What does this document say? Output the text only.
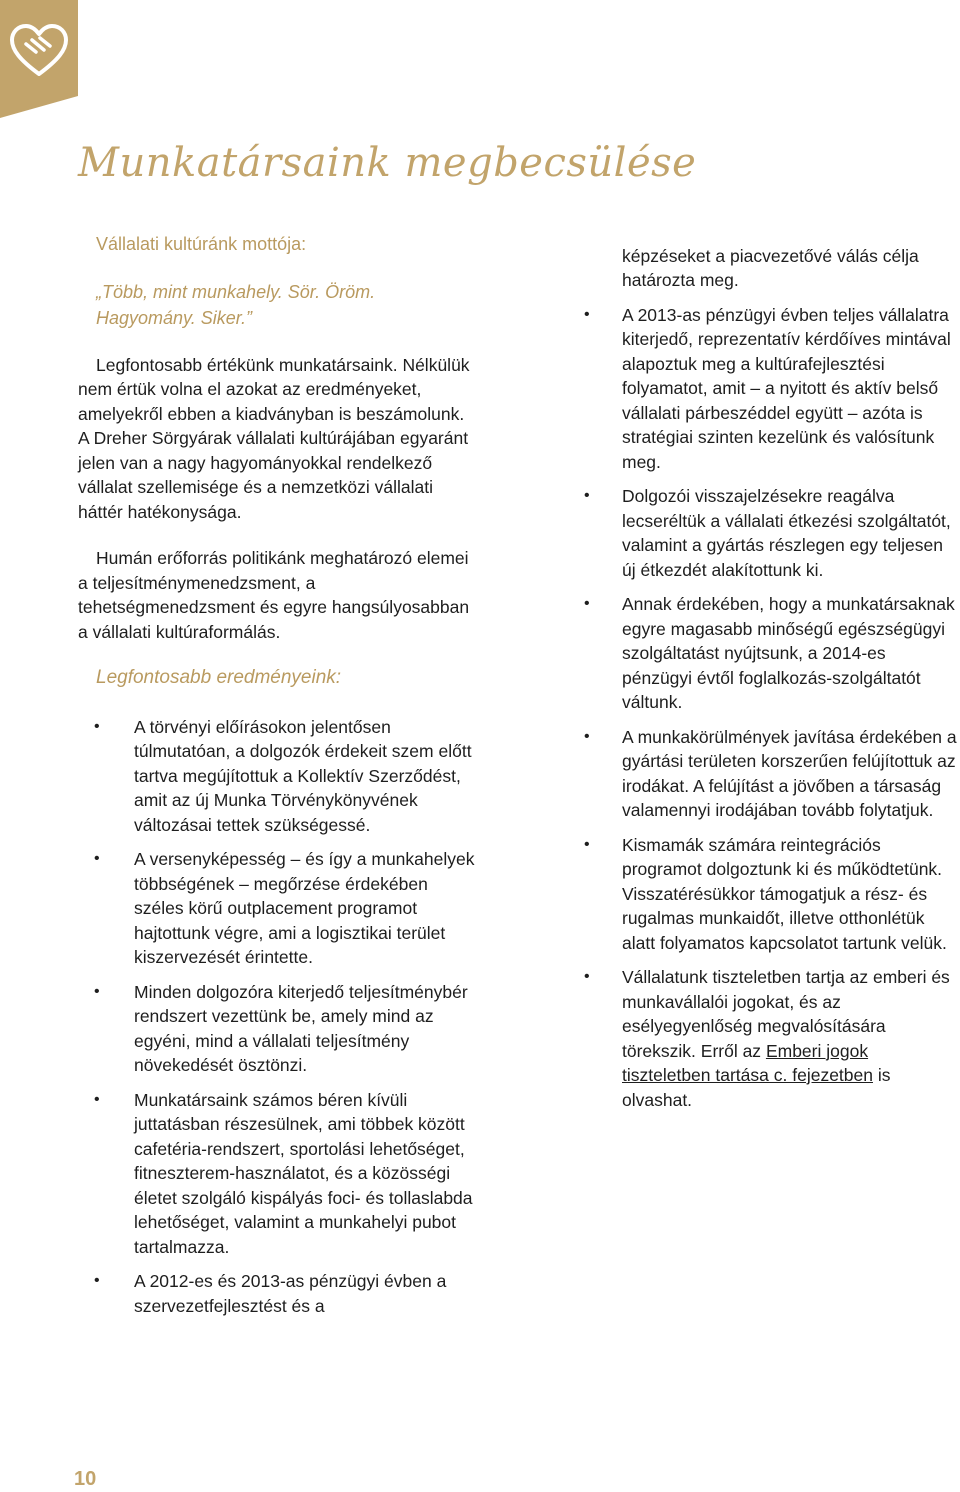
Munkatársaink megbecsülése

Vállalati kultúránk mottója:

„Több, mint munkahely. Sör. Öröm. Hagyomány. Siker.”

Legfontosabb értékünk munkatársaink. Nélkülük nem értük volna el azokat az eredményeket, amelyekről ebben a kiadványban is beszámolunk. A Dreher Sörgyárak vállalati kultúrájában egyaránt jelen van a nagy hagyományokkal rendelkező vállalat szellemisége és a nemzetközi vállalati háttér hatékonysága.

Humán erőforrás politikánk meghatározó elemei a teljesítménymenedzsment, a tehetségmenedzsment és egyre hangsúlyosabban a vállalati kultúraformálás.

Legfontosabb eredményeink:

• A törvényi előírásokon jelentősen túlmutatóan, a dolgozók érdekeit szem előtt tartva megújítottuk a Kollektív Szerződést, amit az új Munka Törvénykönyvének változásai tettek szükségessé.
• A versenyképesség – és így a munkahelyek többségének – megőrzése érdekében széles körű outplacement programot hajtottunk végre, ami a logisztikai terület kiszervezését érintette.
• Minden dolgozóra kiterjedő teljesítménybér rendszert vezettünk be, amely mind az egyéni, mind a vállalati teljesítmény növekedését ösztönzi.
• Munkatársaink számos béren kívüli juttatásban részesülnek, ami többek között cafetéria-rendszert, sportolási lehetőséget, fitneszterem-használatot, és a közösségi életet szolgáló kispályás foci- és tollaslabda lehetőséget, valamint a munkahelyi pubot tartalmazza.
• A 2012-es és 2013-as pénzügyi évben a szervezetfejlesztést és a

képzéseket a piacvezetővé válás célja határozta meg.

• A 2013-as pénzügyi évben teljes vállalatra kiterjedő, reprezentatív kérdőíves mintával alapoztuk meg a kultúrafejlesztési folyamatot, amit – a nyitott és aktív belső vállalati párbeszéddel együtt – azóta is stratégiai szinten kezelünk és valósítunk meg.
• Dolgozói visszajelzésekre reagálva lecseréltük a vállalati étkezési szolgáltatót, valamint a gyártás részlegen egy teljesen új étkezdét alakítottunk ki.
• Annak érdekében, hogy a munkatársaknak egyre magasabb minőségű egészségügyi szolgáltatást nyújtsunk, a 2014-es pénzügyi évtől foglalkozás-szolgáltatót váltunk.
• A munkakörülmények javítása érdekében a gyártási területen korszerűen felújítottuk az irodákat. A felújítást a jövőben a társaság valamennyi irodájában tovább folytatjuk.
• Kismamák számára reintegrációs programot dolgoztunk ki és működtetünk. Visszatérésükkor támogatjuk a rész- és rugalmas munkaidőt, illetve otthonlétük alatt folyamatos kapcsolatot tartunk velük.
• Vállalatunk tiszteletben tartja az emberi és munkavállalói jogokat, és az esélyegyenlőség megvalósítására törekszik. Erről az Emberi jogok tiszteletben tartása c. fejezetben is olvashat.
10
